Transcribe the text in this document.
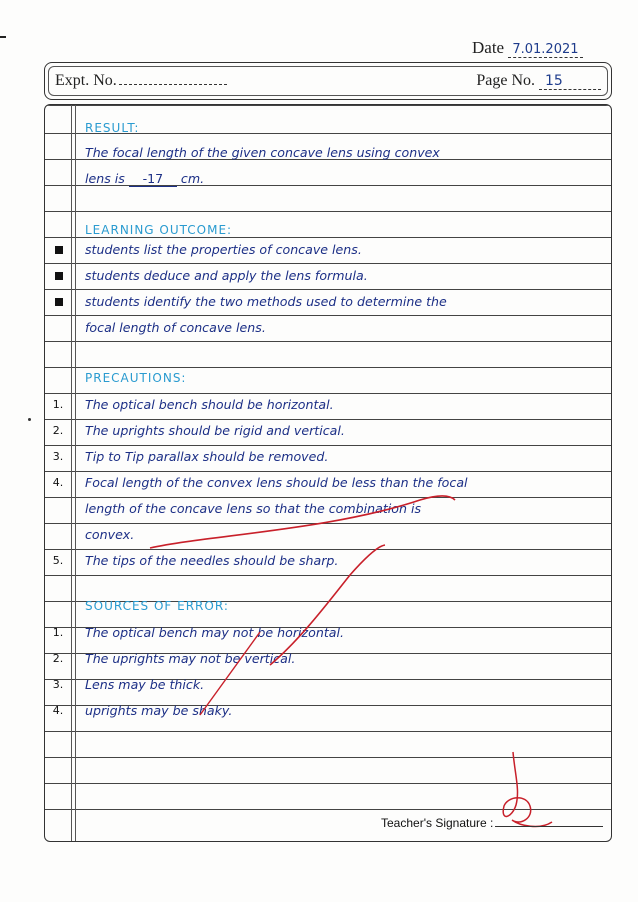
Date 7.01.2021
Expt. No.	Page No. 15
RESULT:
The focal length of the given concave lens using convex
lens is -17 cm.
LEARNING OUTCOME:
students list the properties of concave lens.
students deduce and apply the lens formula.
students identify the two methods used to determine the
focal length of concave lens.
PRECAUTIONS:
1. The optical bench should be horizontal.
2. The uprights should be rigid and vertical.
3. Tip to Tip parallax should be removed.
4. Focal length of the convex lens should be less than the focal
length of the concave lens so that the combination is
convex.
5. The tips of the needles should be sharp.
SOURCES OF ERROR:
1. The optical bench may not be horizontal.
2. The uprights may not be vertical.
3. Lens may be thick.
4. uprights may be shaky.
Teacher's Signature :
